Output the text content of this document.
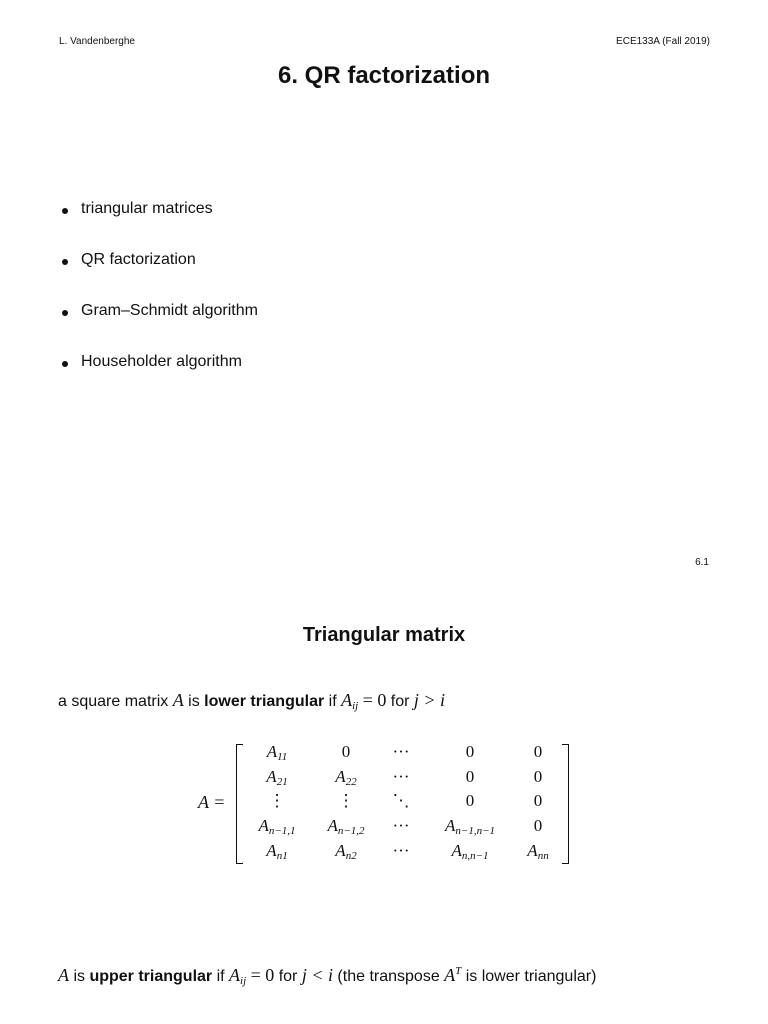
L. Vandenberghe	ECE133A (Fall 2019)
6. QR factorization
triangular matrices
QR factorization
Gram–Schmidt algorithm
Householder algorithm
6.1
Triangular matrix
a square matrix A is lower triangular if $A_{ij} = 0$ for j > i
A =
$A_{11}$	0	···	0	0
$A_{21}$	$A_{22}$	···	0	0
⋮	⋮	⋱	0	0
$A_{n-1,1}$	$A_{n-1,2}$	···	$A_{n-1,n-1}$	0
$A_{n1}$	$A_{n2}$	···	$A_{n,n-1}$	$A_{nn}$
A is upper triangular if $A_{ij} = 0$ for j < i (the transpose $A^T$ is lower triangular)
